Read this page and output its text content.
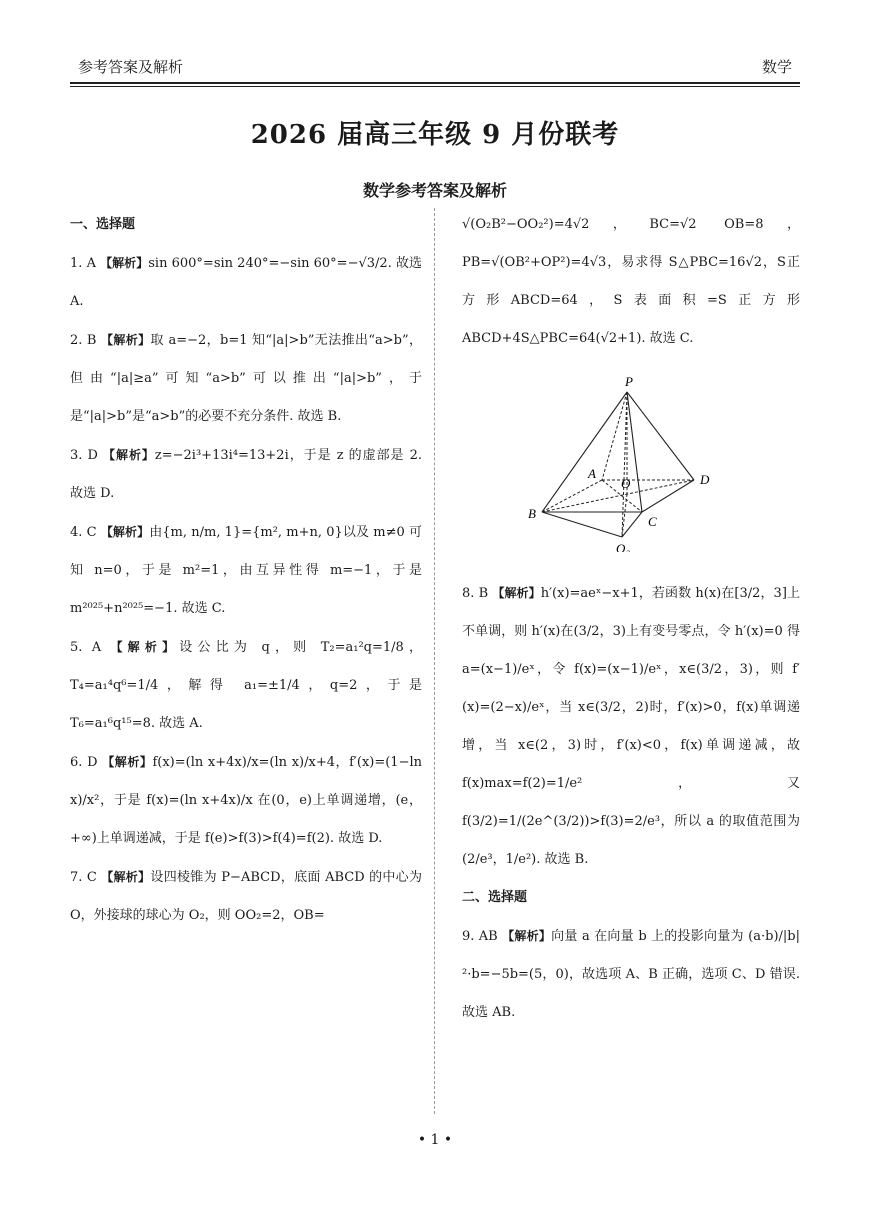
参考答案及解析	数学
2026 届高三年级 9 月份联考
数学参考答案及解析

一、选择题

1. A 【解析】sin 600°=sin 240°=−sin 60°=−√3/2. 故选 A.

2. B 【解析】取 a=−2，b=1 知“|a|>b”无法推出“a>b”，但由“|a|≥a”可知“a>b”可以推出“|a|>b”，于是“|a|>b”是“a>b”的必要不充分条件. 故选 B.

3. D 【解析】z=−2i³+13i⁴=13+2i，于是 z 的虚部是 2. 故选 D.

4. C 【解析】由{m, n/m, 1}={m², m+n, 0}以及 m≠0 可知 n=0，于是 m²=1，由互异性得 m=−1，于是 m²⁰²⁵+n²⁰²⁵=−1. 故选 C.

5. A 【解析】设公比为 q，则 T₂=a₁²q=1/8，T₄=a₁⁴q⁶=1/4，解得 a₁=±1/4，q=2，于是 T₆=a₁⁶q¹⁵=8. 故选 A.

6. D 【解析】f(x)=(ln x+4x)/x=(ln x)/x+4，f′(x)=(1−ln x)/x²，于是 f(x)=(ln x+4x)/x 在(0，e)上单调递增，(e，+∞)上单调递减，于是 f(e)>f(3)>f(4)=f(2). 故选 D.

7. C 【解析】设四棱锥为 P−ABCD，底面 ABCD 的中心为 O，外接球的球心为 O₂，则 OO₂=2，OB=

√(O₂B²−OO₂²)=4√2，BC=√2 OB=8，PB=√(OB²+OP²)=4√3，易求得 S△PBC=16√2，S正方形ABCD=64，S表面积=S正方形ABCD+4S△PBC=64(√2+1). 故选 C.

P
A	D
B
C
O
O₂

8. B 【解析】h′(x)=aeˣ−x+1，若函数 h(x)在[3/2，3]上不单调，则 h′(x)在(3/2，3)上有变号零点，令 h′(x)=0 得 a=(x−1)/eˣ，令 f(x)=(x−1)/eˣ，x∈(3/2，3)，则 f′(x)=(2−x)/eˣ，当 x∈(3/2，2)时，f′(x)>0，f(x)单调递增，当 x∈(2，3)时，f′(x)<0，f(x)单调递减，故 f(x)max=f(2)=1/e²，又 f(3/2)=1/(2e^(3/2))>f(3)=2/e³，所以 a 的取值范围为(2/e³，1/e²). 故选 B.

二、选择题

9. AB 【解析】向量 a 在向量 b 上的投影向量为 (a·b)/|b|²·b=−5b=(5，0)，故选项 A、B 正确，选项 C、D 错误. 故选 AB.

• 1 •
